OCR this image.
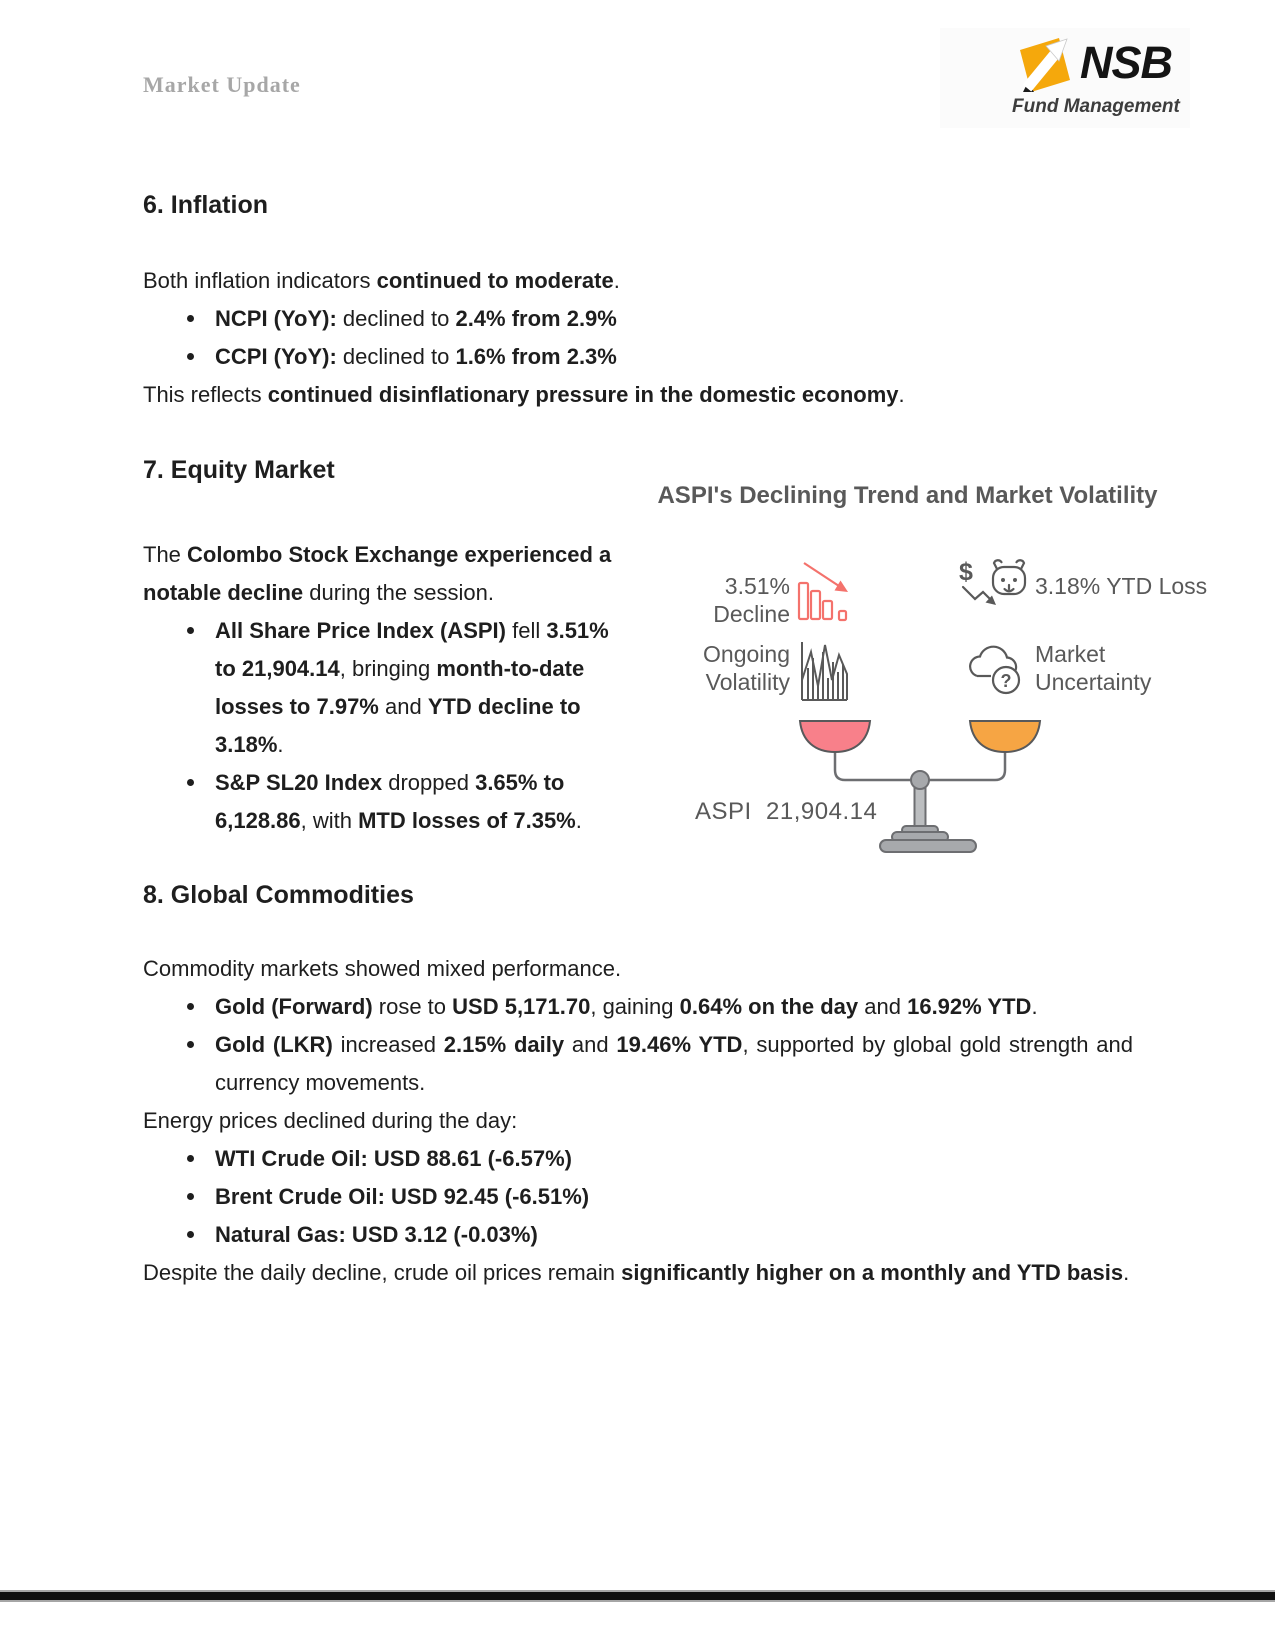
Market Update	NSB
Fund Management
6. Inflation
Both inflation indicators continued to moderate.
NCPI (YoY): declined to 2.4% from 2.9%
CCPI (YoY): declined to 1.6% from 2.3%
This reflects continued disinflationary pressure in the domestic economy.
7. Equity Market
The Colombo Stock Exchange experienced a notable decline during the session.
All Share Price Index (ASPI) fell 3.51% to 21,904.14, bringing month-to-date losses to 7.97% and YTD decline to 3.18%.
S&P SL20 Index dropped 3.65% to 6,128.86, with MTD losses of 7.35%.
ASPI's Declining Trend and Market Volatility
3.51% Decline
$	3.18% YTD Loss
Ongoing Volatility	?
Market Uncertainty
ASPI 21,904.14
8. Global Commodities
Commodity markets showed mixed performance.
Gold (Forward) rose to USD 5,171.70, gaining 0.64% on the day and 16.92% YTD.
Gold (LKR) increased 2.15% daily and 19.46% YTD, supported by global gold strength and currency movements.
Energy prices declined during the day:
WTI Crude Oil: USD 88.61 (-6.57%)
Brent Crude Oil: USD 92.45 (-6.51%)
Natural Gas: USD 3.12 (-0.03%)
Despite the daily decline, crude oil prices remain significantly higher on a monthly and YTD basis.
